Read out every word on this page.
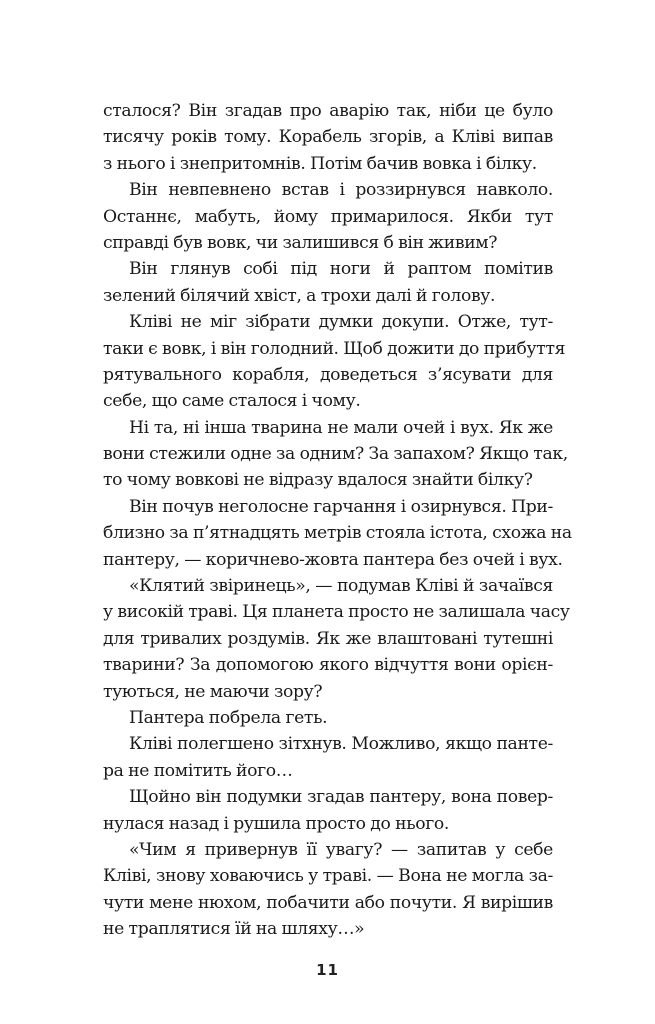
сталося? Він згадав про аварію так, ніби це було
тисячу років тому. Корабель згорів, а Кліві випав
з нього і знепритомнів. Потім бачив вовка і білку.
Він невпевнено встав і роззирнувся навколо.
Останнє, мабуть, йому примарилося. Якби тут
справді був вовк, чи залишився б він живим?
Він глянув собі під ноги й раптом помітив
зелений білячий хвіст, а трохи далі й голову.
Кліві не міг зібрати думки докупи. Отже, тут-
таки є вовк, і він голодний. Щоб дожити до прибуття
рятувального корабля, доведеться з’ясувати для
себе, що саме сталося і чому.
Ні та, ні інша тварина не мали очей і вух. Як же
вони стежили одне за одним? За запахом? Якщо так,
то чому вовкові не відразу вдалося знайти білку?
Він почув неголосне гарчання і озирнувся. При-
близно за п’ятнадцять метрів стояла істота, схожа на
пантеру, — коричнево-жовта пантера без очей і вух.
«Клятий звіринець», — подумав Кліві й зачаївся
у високій траві. Ця планета просто не залишала часу
для тривалих роздумів. Як же влаштовані тутешні
тварини? За допомогою якого відчуття вони орієн-
туються, не маючи зору?
Пантера побрела геть.
Кліві полегшено зітхнув. Можливо, якщо панте-
ра не помітить його…
Щойно він подумки згадав пантеру, вона повер-
нулася назад і рушила просто до нього.
«Чим я привернув її увагу? — запитав у себе
Кліві, знову ховаючись у траві. — Вона не могла за-
чути мене нюхом, побачити або почути. Я вирішив
не траплятися їй на шляху…»
11
